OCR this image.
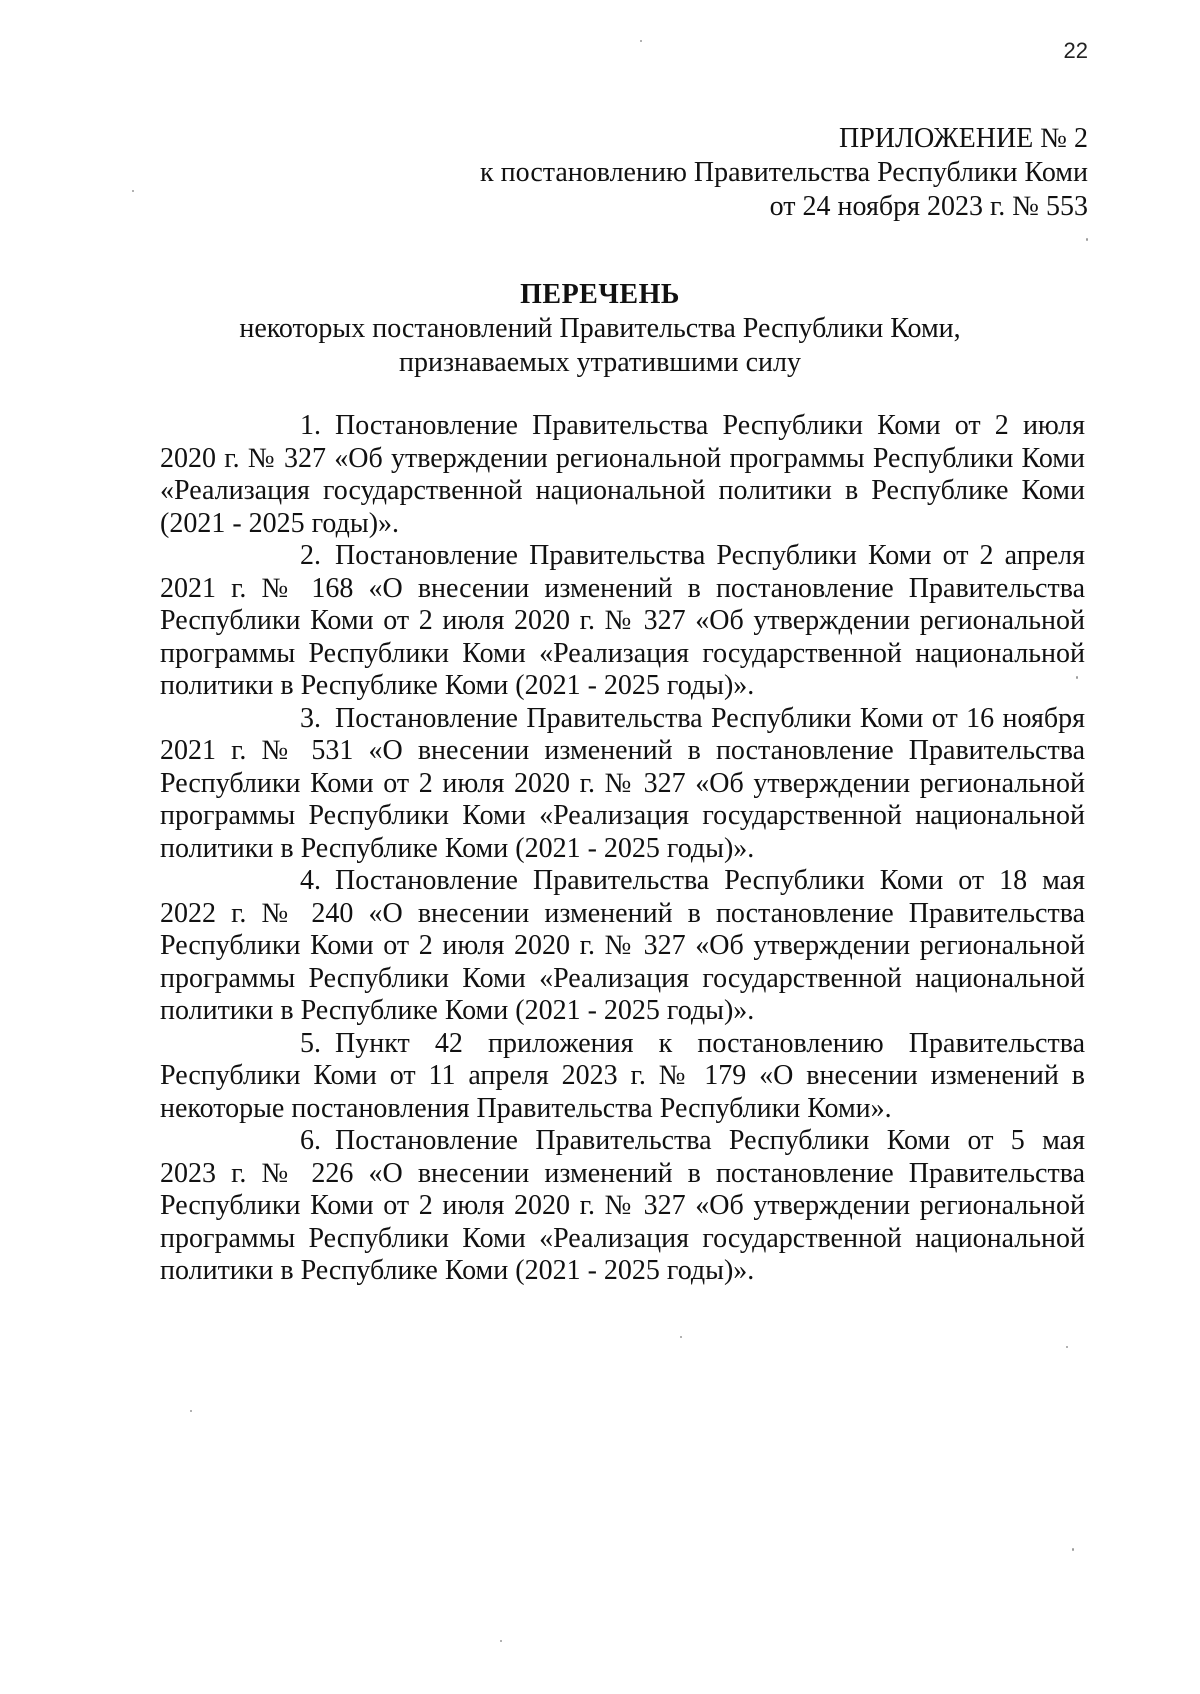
22
ПРИЛОЖЕНИЕ № 2
к постановлению Правительства Республики Коми
от 24 ноября 2023 г. № 553
ПЕРЕЧЕНЬ
некоторых постановлений Правительства Республики Коми,
признаваемых утратившими силу

1. Постановление Правительства Республики Коми от 2 июля 2020 г. № 327 «Об утверждении региональной программы Республики Коми «Реализация государственной национальной политики в Республике Коми (2021 - 2025 годы)».

2. Постановление Правительства Республики Коми от 2 апреля 2021 г. № 168 «О внесении изменений в постановление Правительства Республики Коми от 2 июля 2020 г. № 327 «Об утверждении региональной программы Республики Коми «Реализация государственной национальной политики в Республике Коми (2021 - 2025 годы)».

3. Постановление Правительства Республики Коми от 16 ноября 2021 г. № 531 «О внесении изменений в постановление Правительства Республики Коми от 2 июля 2020 г. № 327 «Об утверждении региональной программы Республики Коми «Реализация государственной национальной политики в Республике Коми (2021 - 2025 годы)».

4. Постановление Правительства Республики Коми от 18 мая 2022 г. № 240 «О внесении изменений в постановление Правительства Республики Коми от 2 июля 2020 г. № 327 «Об утверждении региональной программы Республики Коми «Реализация государственной национальной политики в Республике Коми (2021 - 2025 годы)».

5. Пункт 42 приложения к постановлению Правительства Республики Коми от 11 апреля 2023 г. № 179 «О внесении изменений в некоторые постановления Правительства Республики Коми».

6. Постановление Правительства Республики Коми от 5 мая 2023 г. № 226 «О внесении изменений в постановление Правительства Республики Коми от 2 июля 2020 г. № 327 «Об утверждении региональной программы Республики Коми «Реализация государственной национальной политики в Республике Коми (2021 - 2025 годы)».
